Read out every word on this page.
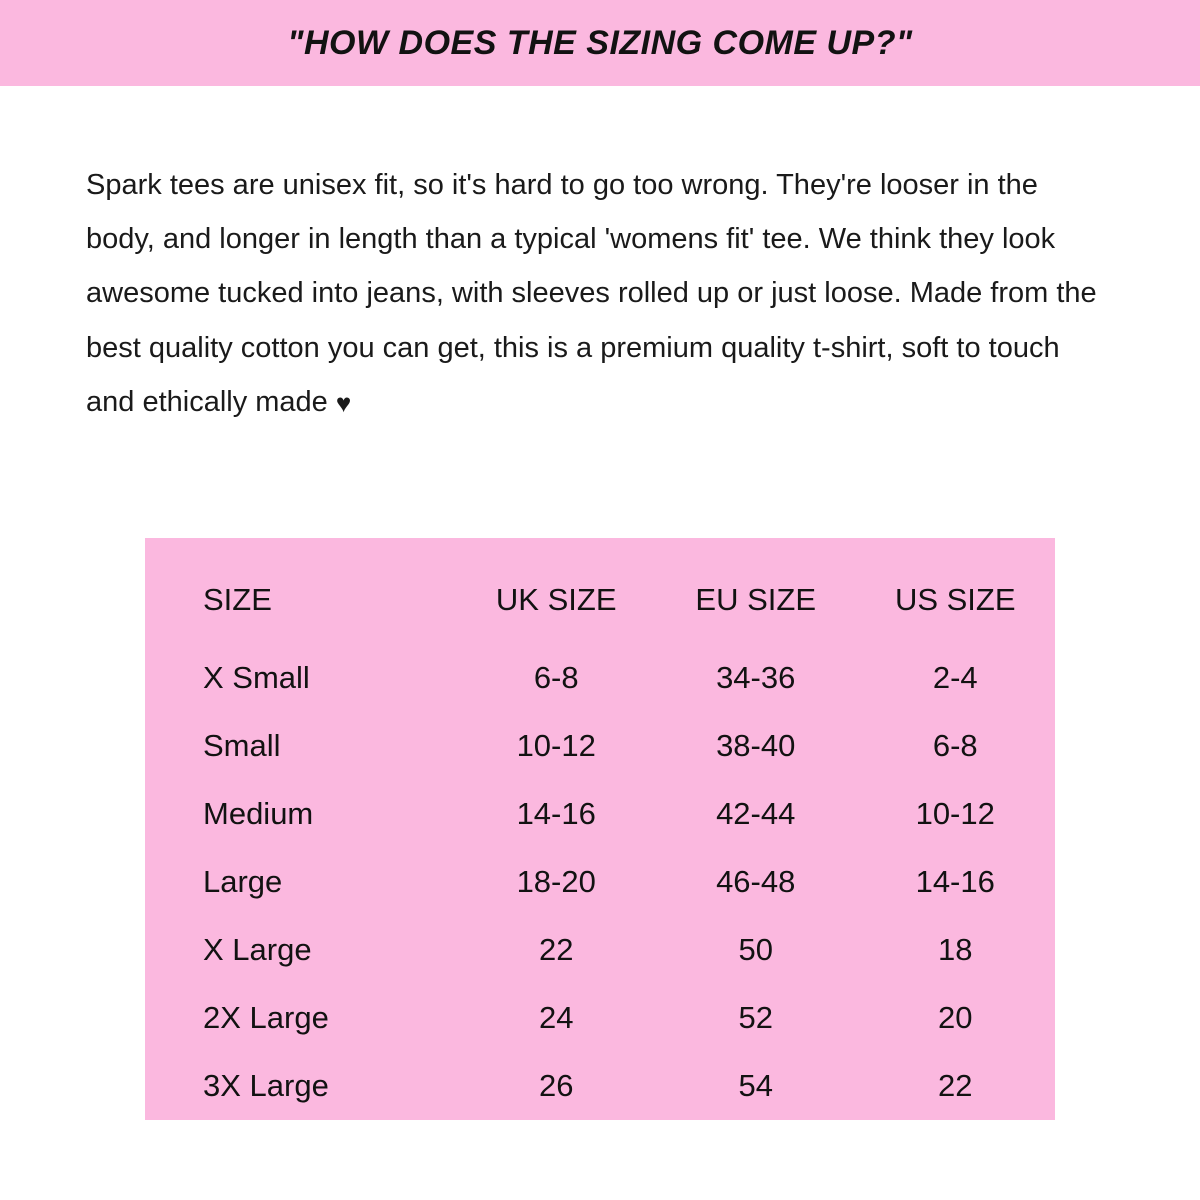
"HOW DOES THE SIZING COME UP?"

Spark tees are unisex fit, so it's hard to go too wrong. They're looser in the body, and longer in length than a typical 'womens fit' tee. We think they look awesome tucked into jeans, with sleeves rolled up or just loose. Made from the best quality cotton you can get, this is a premium quality t-shirt, soft to touch and ethically made ♥

SIZE	UK SIZE	EU SIZE	US SIZE
X Small	6-8	34-36	2-4
Small	10-12	38-40	6-8
Medium	14-16	42-44	10-12
Large	18-20	46-48	14-16
X Large	22	50	18
2X Large	24	52	20
3X Large	26	54	22
